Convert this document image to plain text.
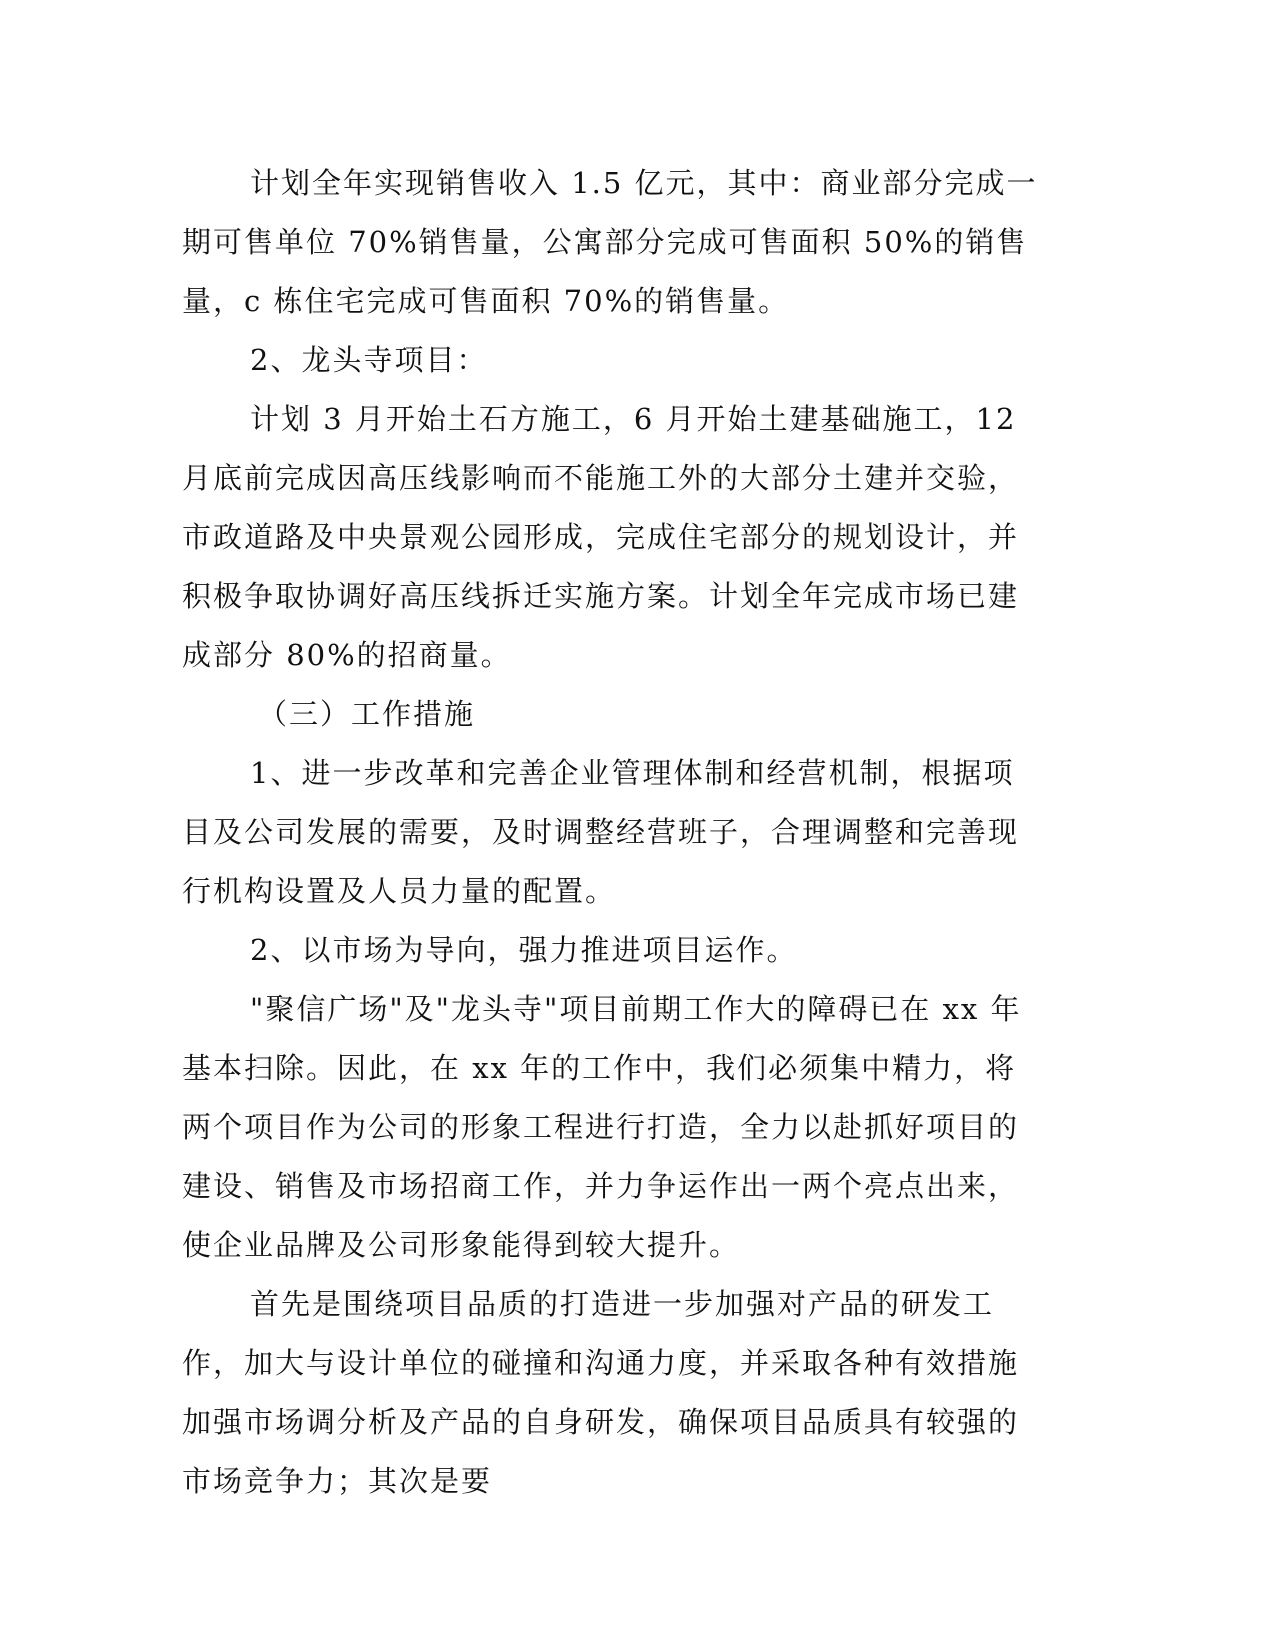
计划全年实现销售收入 1.5 亿元，其中：商业部分完成一期可售单位 70%销售量，公寓部分完成可售面积 50%的销售量，c 栋住宅完成可售面积 70%的销售量。

2、龙头寺项目：

计划 3 月开始土石方施工，6 月开始土建基础施工，12 月底前完成因高压线影响而不能施工外的大部分土建并交验，市政道路及中央景观公园形成，完成住宅部分的规划设计，并积极争取协调好高压线拆迁实施方案。计划全年完成市场已建成部分 80%的招商量。

（三）工作措施

1、进一步改革和完善企业管理体制和经营机制，根据项目及公司发展的需要，及时调整经营班子，合理调整和完善现行机构设置及人员力量的配置。

2、以市场为导向，强力推进项目运作。

"聚信广场"及"龙头寺"项目前期工作大的障碍已在 xx 年基本扫除。因此，在 xx 年的工作中，我们必须集中精力，将两个项目作为公司的形象工程进行打造，全力以赴抓好项目的建设、销售及市场招商工作，并力争运作出一两个亮点出来，使企业品牌及公司形象能得到较大提升。

首先是围绕项目品质的打造进一步加强对产品的研发工作，加大与设计单位的碰撞和沟通力度，并采取各种有效措施加强市场调分析及产品的自身研发，确保项目品质具有较强的市场竞争力；其次是要
